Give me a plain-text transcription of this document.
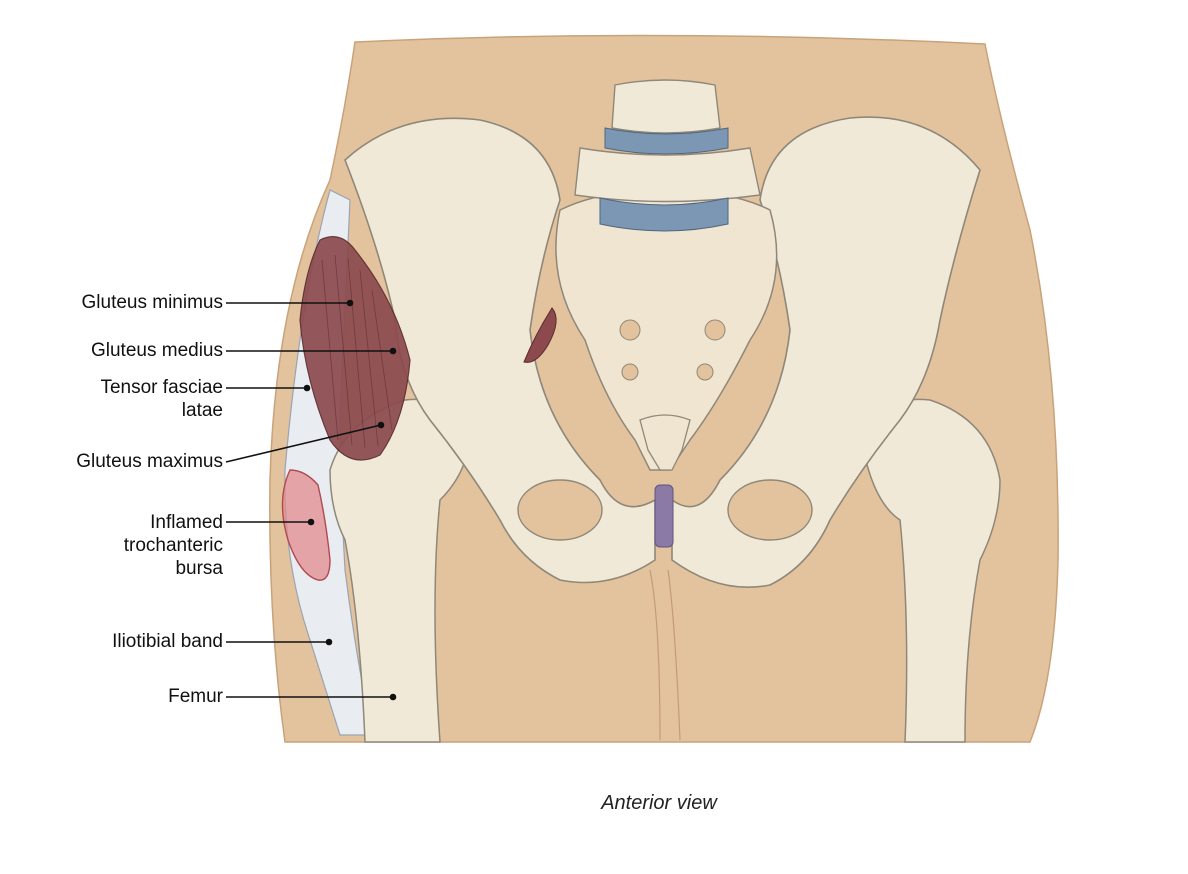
Gluteus minimus
Gluteus medius
Tensor fasciae
latae
Gluteus maximus
Inflamed
trochanteric
bursa
Iliotibial band
Femur
Anterior view
